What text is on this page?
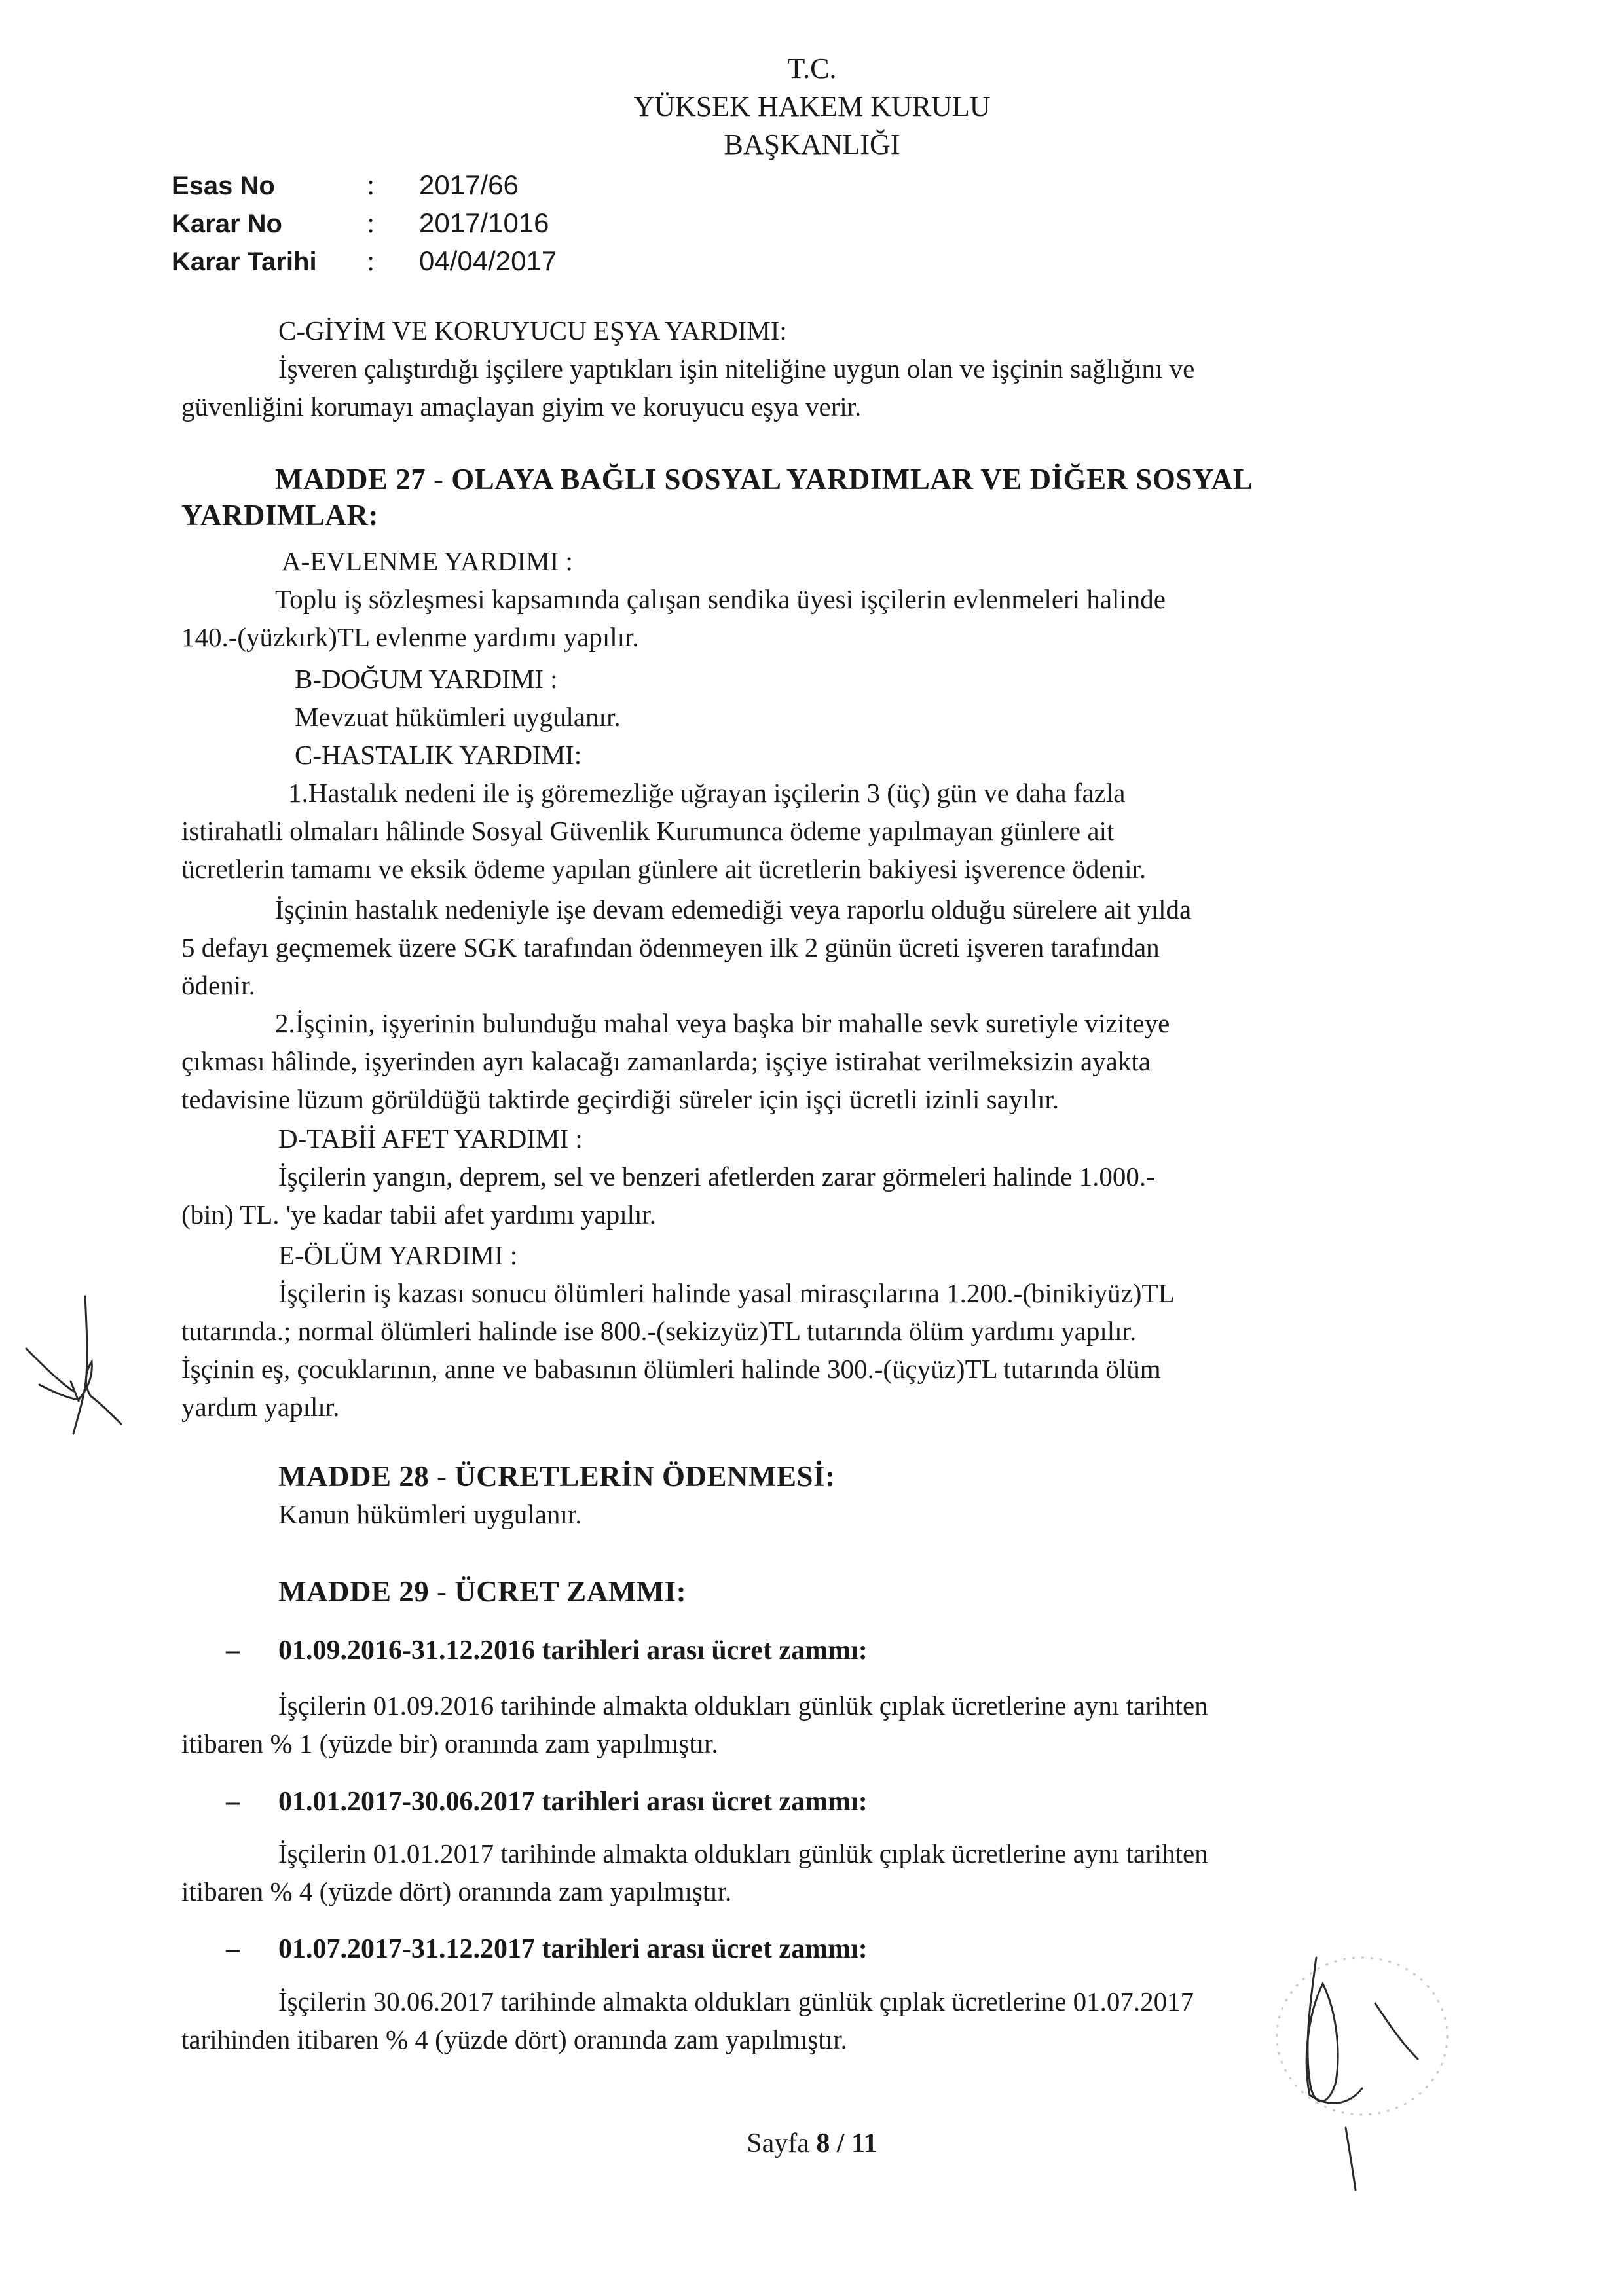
T.C.
YÜKSEK HAKEM KURULU
BAŞKANLIĞI
Esas No	: 2017/66
Karar No	: 2017/1016
Karar Tarihi : 04/04/2017
C-GİYİM VE KORUYUCU EŞYA YARDIMI:
İşveren çalıştırdığı işçilere yaptıkları işin niteliğine uygun olan ve işçinin sağlığını ve
güvenliğini korumayı amaçlayan giyim ve koruyucu eşya verir.
MADDE 27 - OLAYA BAĞLI SOSYAL YARDIMLAR VE DİĞER SOSYAL
YARDIMLAR:
A-EVLENME YARDIMI :
Toplu iş sözleşmesi kapsamında çalışan sendika üyesi işçilerin evlenmeleri halinde
140.-(yüzkırk)TL evlenme yardımı yapılır.
B-DOĞUM YARDIMI :
Mevzuat hükümleri uygulanır.
C-HASTALIK YARDIMI:
1.Hastalık nedeni ile iş göremezliğe uğrayan işçilerin 3 (üç) gün ve daha fazla
istirahatli olmaları hâlinde Sosyal Güvenlik Kurumunca ödeme yapılmayan günlere ait
ücretlerin tamamı ve eksik ödeme yapılan günlere ait ücretlerin bakiyesi işverence ödenir.
İşçinin hastalık nedeniyle işe devam edemediği veya raporlu olduğu sürelere ait yılda
5 defayı geçmemek üzere SGK tarafından ödenmeyen ilk 2 günün ücreti işveren tarafından
ödenir.
2.İşçinin, işyerinin bulunduğu mahal veya başka bir mahalle sevk suretiyle viziteye
çıkması hâlinde, işyerinden ayrı kalacağı zamanlarda; işçiye istirahat verilmeksizin ayakta
tedavisine lüzum görüldüğü taktirde geçirdiği süreler için işçi ücretli izinli sayılır.
D-TABİİ AFET YARDIMI :
İşçilerin yangın, deprem, sel ve benzeri afetlerden zarar görmeleri halinde 1.000.-
(bin) TL. 'ye kadar tabii afet yardımı yapılır.
E-ÖLÜM YARDIMI :
İşçilerin iş kazası sonucu ölümleri halinde yasal mirasçılarına 1.200.-(binikiyüz)TL
tutarında.; normal ölümleri halinde ise 800.-(sekizyüz)TL tutarında ölüm yardımı yapılır.
İşçinin eş, çocuklarının, anne ve babasının ölümleri halinde 300.-(üçyüz)TL tutarında ölüm
yardım yapılır.
MADDE 28 - ÜCRETLERİN ÖDENMESİ:
Kanun hükümleri uygulanır.
MADDE 29 - ÜCRET ZAMMI:
– 01.09.2016-31.12.2016 tarihleri arası ücret zammı:
İşçilerin 01.09.2016 tarihinde almakta oldukları günlük çıplak ücretlerine aynı tarihten
itibaren % 1 (yüzde bir) oranında zam yapılmıştır.
– 01.01.2017-30.06.2017 tarihleri arası ücret zammı:
İşçilerin 01.01.2017 tarihinde almakta oldukları günlük çıplak ücretlerine aynı tarihten
itibaren % 4 (yüzde dört) oranında zam yapılmıştır.
– 01.07.2017-31.12.2017 tarihleri arası ücret zammı:
İşçilerin 30.06.2017 tarihinde almakta oldukları günlük çıplak ücretlerine 01.07.2017
tarihinden itibaren % 4 (yüzde dört) oranında zam yapılmıştır.
Sayfa 8 / 11
